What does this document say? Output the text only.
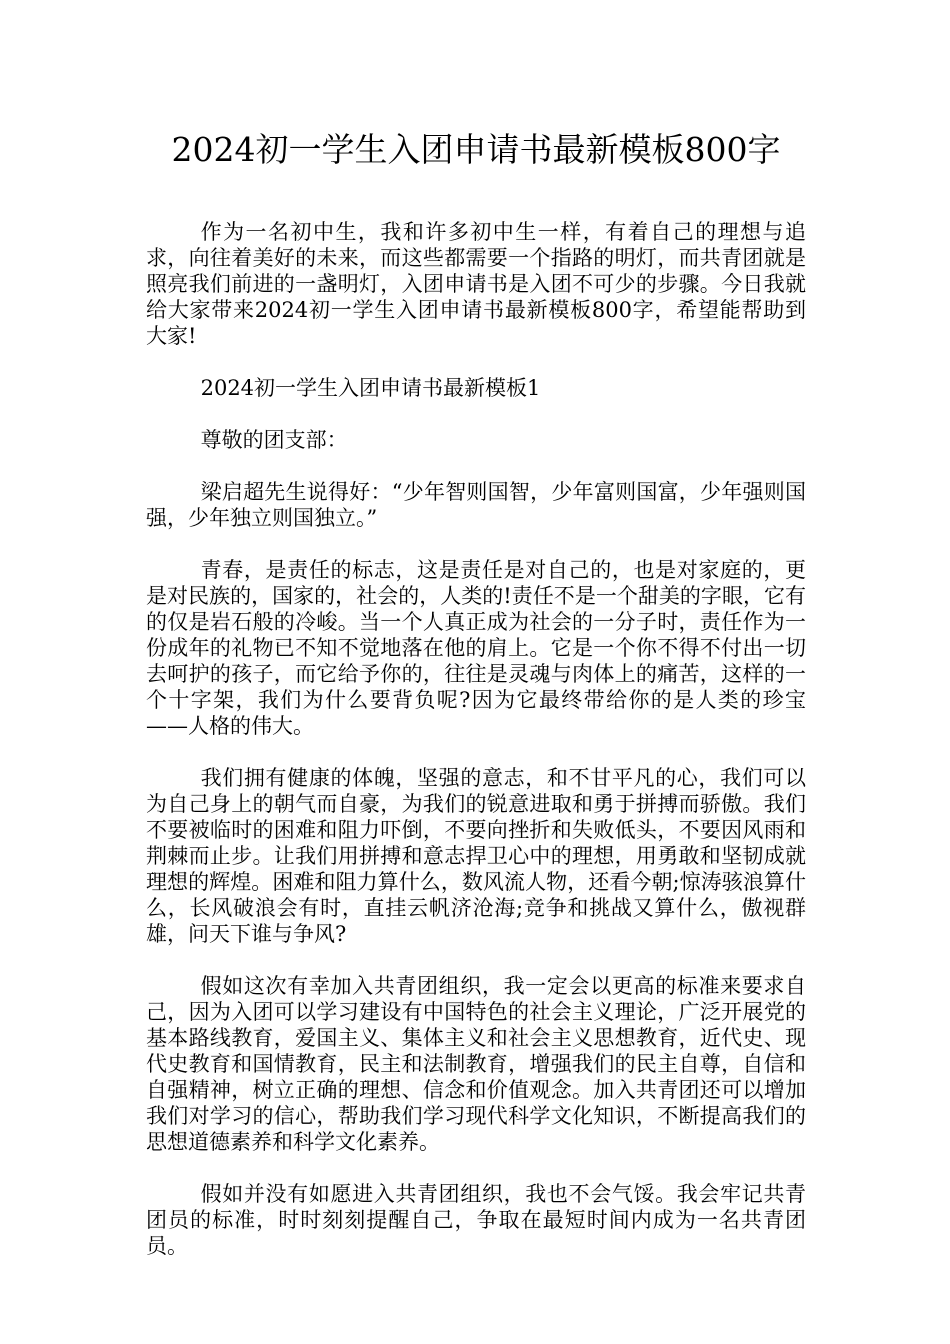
2024初一学生入团申请书最新模板800字

作为一名初中生，我和许多初中生一样，有着自己的理想与追求，向往着美好的未来，而这些都需要一个指路的明灯，而共青团就是照亮我们前进的一盏明灯，入团申请书是入团不可少的步骤。今日我就给大家带来2024初一学生入团申请书最新模板800字，希望能帮助到大家!

2024初一学生入团申请书最新模板1

尊敬的团支部：

梁启超先生说得好：“少年智则国智，少年富则国富，少年强则国强，少年独立则国独立。”

青春，是责任的标志，这是责任是对自己的，也是对家庭的，更是对民族的，国家的，社会的，人类的!责任不是一个甜美的字眼，它有的仅是岩石般的冷峻。当一个人真正成为社会的一分子时，责任作为一份成年的礼物已不知不觉地落在他的肩上。它是一个你不得不付出一切去呵护的孩子，而它给予你的，往往是灵魂与肉体上的痛苦，这样的一个十字架，我们为什么要背负呢?因为它最终带给你的是人类的珍宝——人格的伟大。

我们拥有健康的体魄，坚强的意志，和不甘平凡的心，我们可以为自己身上的朝气而自豪，为我们的锐意进取和勇于拼搏而骄傲。我们不要被临时的困难和阻力吓倒，不要向挫折和失败低头，不要因风雨和荆棘而止步。让我们用拼搏和意志捍卫心中的理想，用勇敢和坚韧成就理想的辉煌。困难和阻力算什么，数风流人物，还看今朝;惊涛骇浪算什么，长风破浪会有时，直挂云帆济沧海;竞争和挑战又算什么，傲视群雄，问天下谁与争风?

假如这次有幸加入共青团组织，我一定会以更高的标准来要求自己，因为入团可以学习建设有中国特色的社会主义理论，广泛开展党的基本路线教育，爱国主义、集体主义和社会主义思想教育，近代史、现代史教育和国情教育，民主和法制教育，增强我们的民主自尊，自信和自强精神，树立正确的理想、信念和价值观念。加入共青团还可以增加我们对学习的信心，帮助我们学习现代科学文化知识，不断提高我们的思想道德素养和科学文化素养。

假如并没有如愿进入共青团组织，我也不会气馁。我会牢记共青团员的标准，时时刻刻提醒自己，争取在最短时间内成为一名共青团员。
